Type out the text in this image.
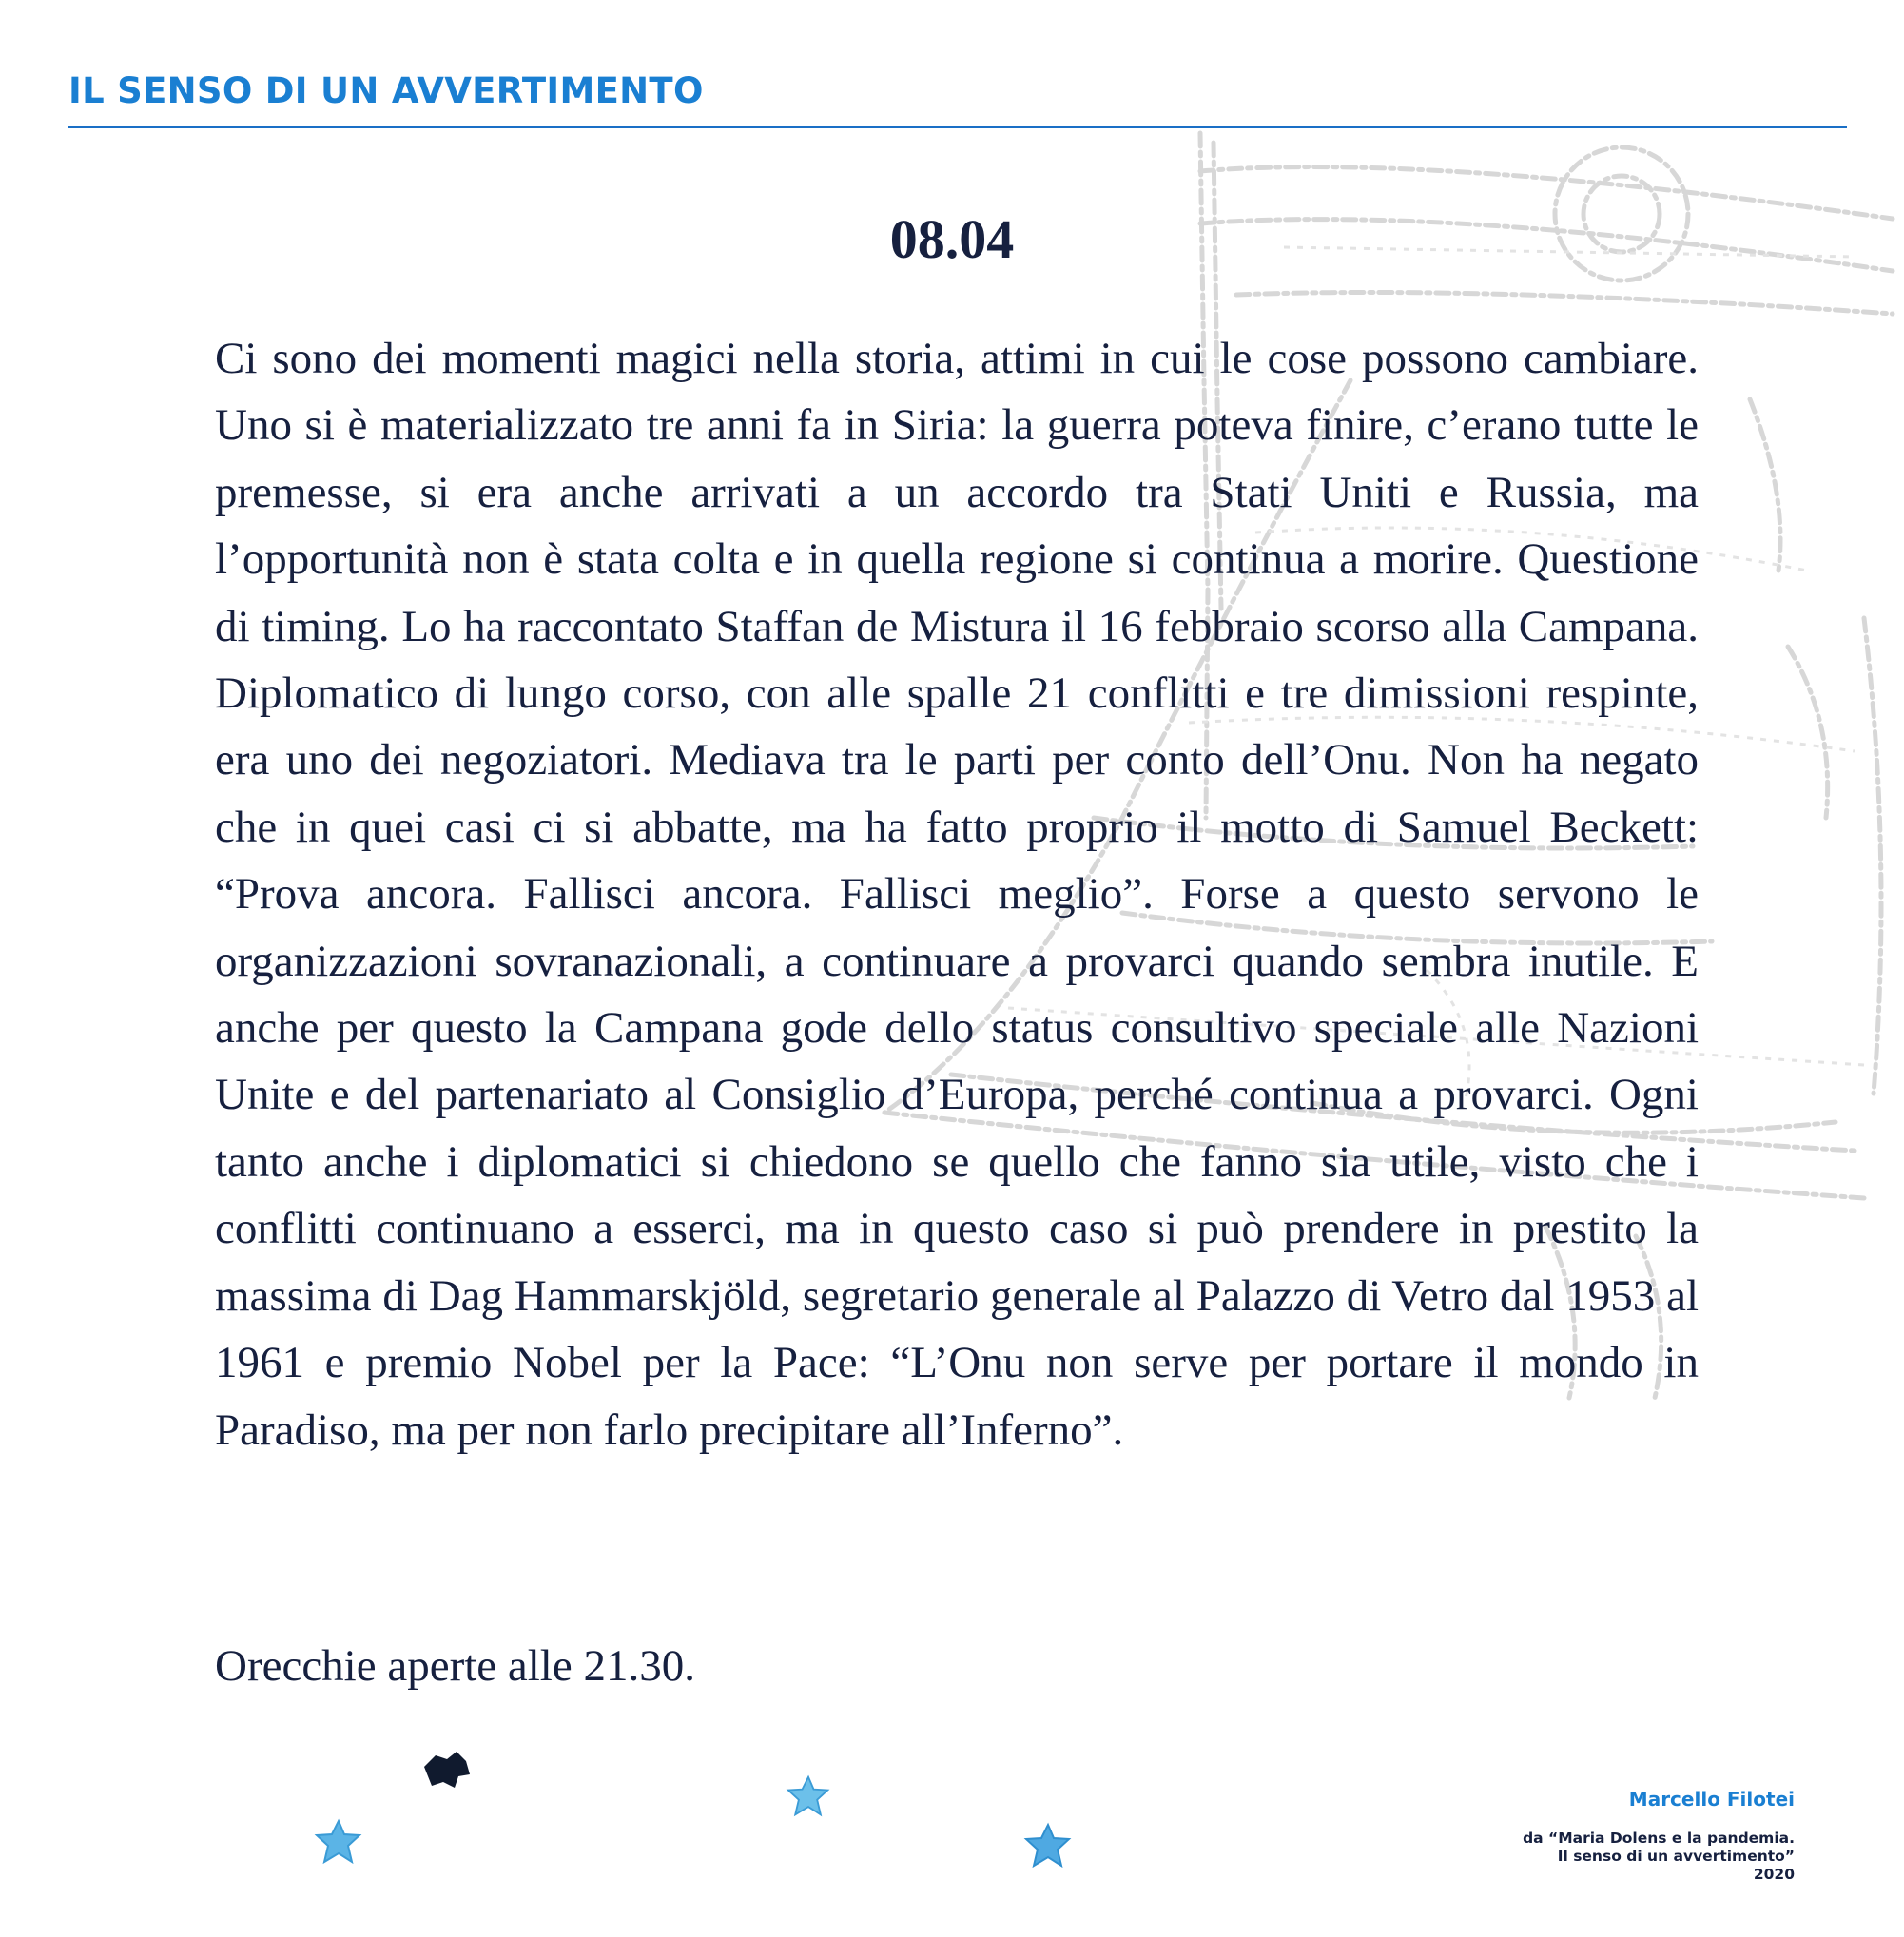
IL SENSO DI UN AVVERTIMENTO
08.04

Ci sono dei momenti magici nella storia, attimi in cui le cose possono cambiare. Uno si è materializzato tre anni fa in Siria: la guerra poteva finire, c’erano tutte le premesse, si era anche arrivati a un accordo tra Stati Uniti e Russia, ma l’opportunità non è stata colta e in quella regione si continua a morire. Questione di timing. Lo ha raccontato Staffan de Mistura il 16 febbraio scorso alla Campana. Diplomatico di lungo corso, con alle spalle 21 conflitti e tre dimissioni respinte, era uno dei negoziatori. Mediava tra le parti per conto dell’Onu. Non ha negato che in quei casi ci si abbatte, ma ha fatto proprio il motto di Samuel Beckett: “Prova ancora. Fallisci ancora. Fallisci meglio”. Forse a questo servono le organizzazioni sovranazionali, a continuare a provarci quando sembra inutile. E anche per questo la Campana gode dello status consultivo speciale alle Nazioni Unite e del partenariato al Consiglio d’Europa, perché continua a provarci. Ogni tanto anche i diplomatici si chiedono se quello che fanno sia utile, visto che i conflitti continuano a esserci, ma in questo caso si può prendere in prestito la massima di Dag Hammarskjöld, segretario generale al Palazzo di Vetro dal 1953 al 1961 e premio Nobel per la Pace: “L’Onu non serve per portare il mondo in Paradiso, ma per non farlo precipitare all’Inferno”.

Orecchie aperte alle 21.30.

Marcello Filotei
da “Maria Dolens e la pandemia.
Il senso di un avvertimento”
2020
